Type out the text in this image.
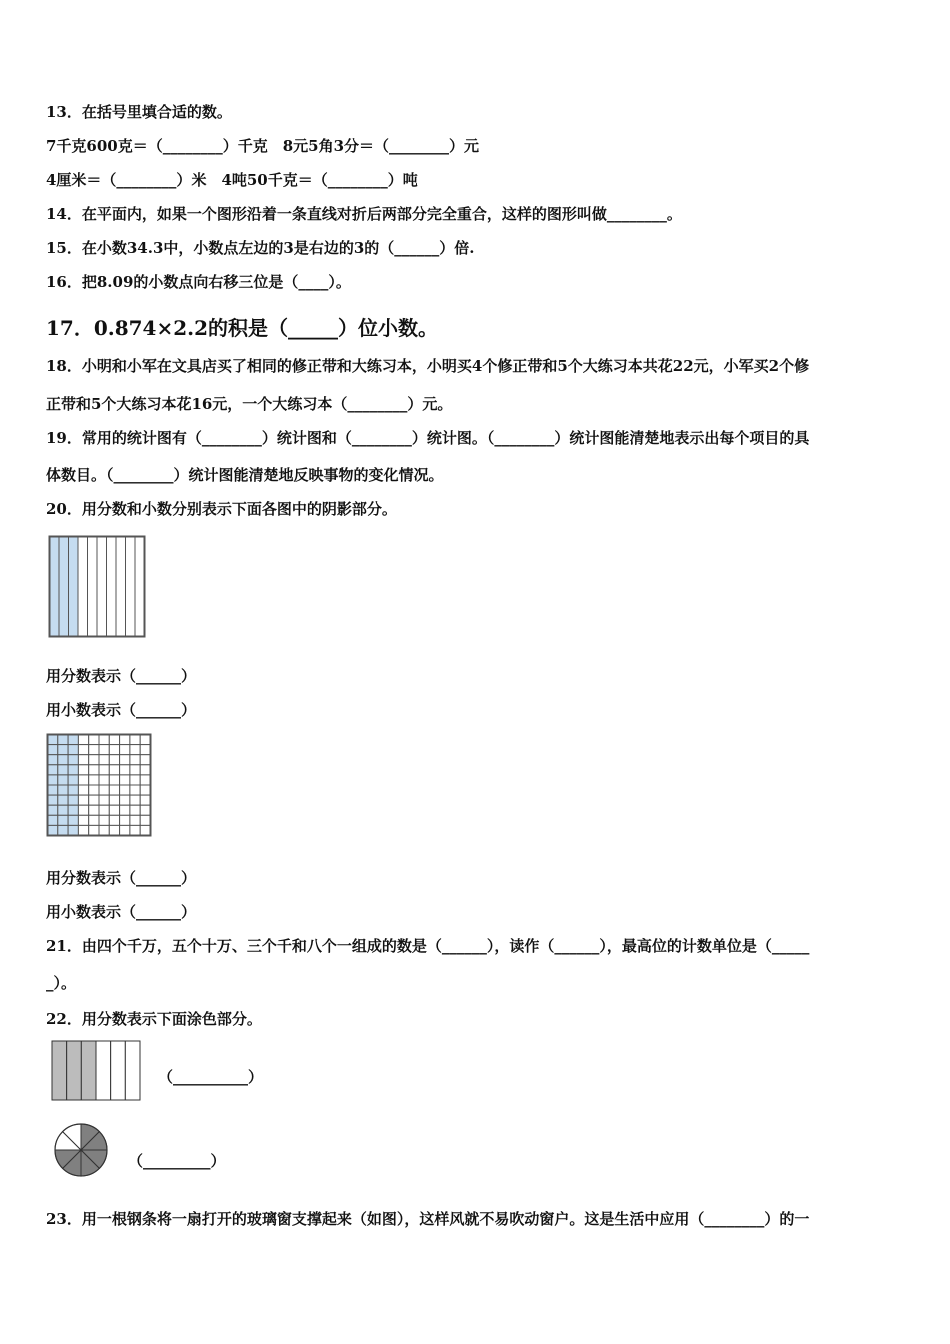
13．在括号里填合适的数。
7千克600克＝（________）千克　8元5角3分＝（________）元
4厘米＝（________）米　4吨50千克＝（________）吨
14．在平面内，如果一个图形沿着一条直线对折后两部分完全重合，这样的图形叫做________。
15．在小数34.3中，小数点左边的3是右边的3的（______）倍.
16．把8.09的小数点向右移三位是（____）。
17．0.874×2.2的积是（_____）位小数。
18．小明和小军在文具店买了相同的修正带和大练习本，小明买4个修正带和5个大练习本共花22元，小军买2个修
正带和5个大练习本花16元，一个大练习本（________）元。
19．常用的统计图有（________）统计图和（________）统计图。（________）统计图能清楚地表示出每个项目的具
体数目。（________）统计图能清楚地反映事物的变化情况。
20．用分数和小数分别表示下面各图中的阴影部分。
用分数表示（______）
用小数表示（______）
用分数表示（______）
用小数表示（______）
21．由四个千万，五个十万、三个千和八个一组成的数是（______），读作（______），最高位的计数单位是（_____
_）。
22．用分数表示下面涂色部分。
（__________）
（_________）
23．用一根钢条将一扇打开的玻璃窗支撑起来（如图），这样风就不易吹动窗户。这是生活中应用（________）的一
